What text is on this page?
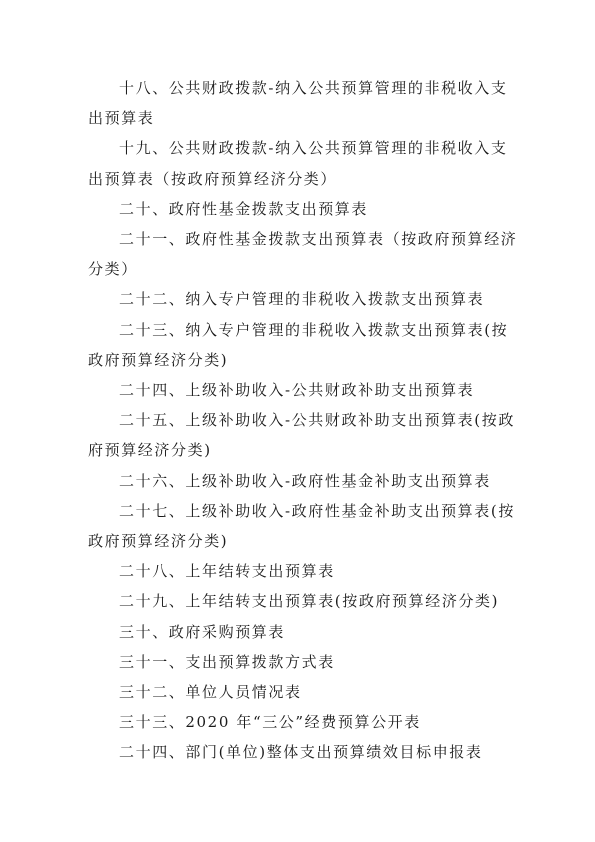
十八、公共财政拨款-纳入公共预算管理的非税收入支出预算表

十九、公共财政拨款-纳入公共预算管理的非税收入支出预算表（按政府预算经济分类）

二十、政府性基金拨款支出预算表

二十一、政府性基金拨款支出预算表（按政府预算经济分类）

二十二、纳入专户管理的非税收入拨款支出预算表

二十三、纳入专户管理的非税收入拨款支出预算表(按政府预算经济分类)

二十四、上级补助收入-公共财政补助支出预算表

二十五、上级补助收入-公共财政补助支出预算表(按政府预算经济分类)

二十六、上级补助收入-政府性基金补助支出预算表

二十七、上级补助收入-政府性基金补助支出预算表(按政府预算经济分类)

二十八、上年结转支出预算表

二十九、上年结转支出预算表(按政府预算经济分类)

三十、政府采购预算表

三十一、支出预算拨款方式表

三十二、单位人员情况表

三十三、2020 年“三公”经费预算公开表

二十四、部门(单位)整体支出预算绩效目标申报表
